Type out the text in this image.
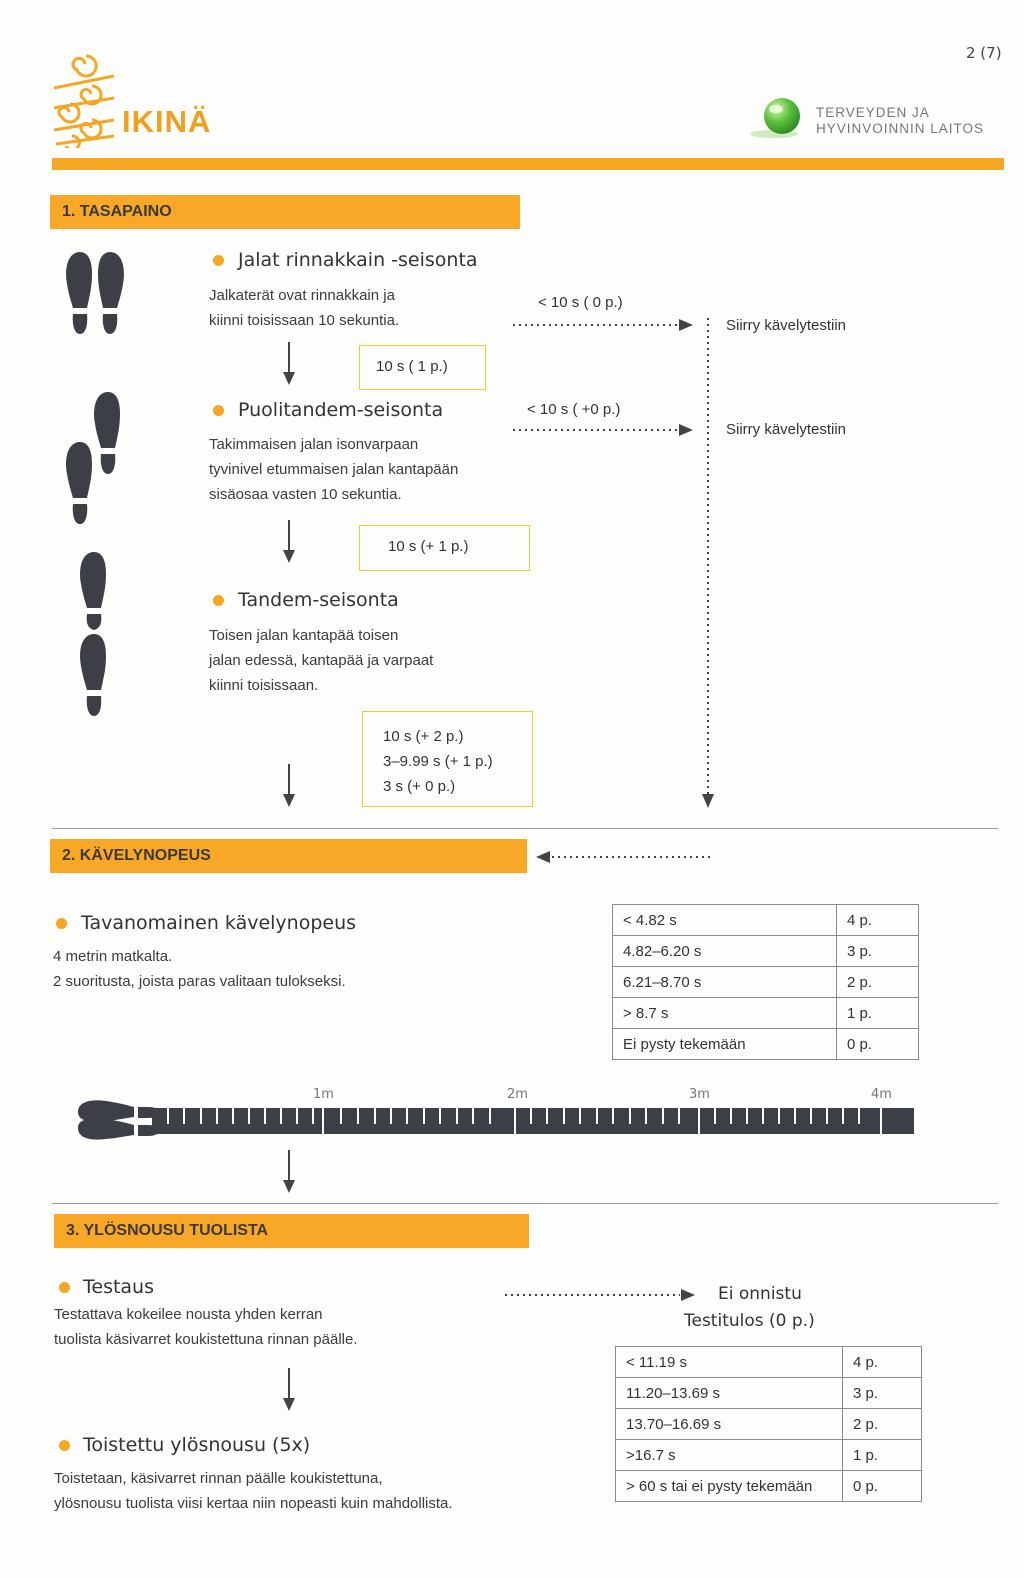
2 (7)
IKINÄ	TERVEYDEN JA
HYVINVOINNIN LAITOS
1. TASAPAINO
Jalat rinnakkain -seisonta
Jalkaterät ovat rinnakkain ja
kiinni toisissaan 10 sekuntia.
< 10 s ( 0 p.)
Siirry kävelytestiin
10 s ( 1 p.)
Puolitandem-seisonta
Takimmaisen jalan isonvarpaan
tyvinivel etummaisen jalan kantapään
sisäosaa vasten 10 sekuntia.
< 10 s ( +0 p.)
Siirry kävelytestiin
10 s (+ 1 p.)
Tandem-seisonta
Toisen jalan kantapää toisen
jalan edessä, kantapää ja varpaat
kiinni toisissaan.
10 s (+ 2 p.)
3–9.99 s (+ 1 p.)
3 s (+ 0 p.)
2. KÄVELYNOPEUS
Tavanomainen kävelynopeus
4 metrin matkalta.
2 suoritusta, joista paras valitaan tulokseksi.
< 4.82 s	4 p.
4.82–6.20 s	3 p.
6.21–8.70 s	2 p.
> 8.7 s	1 p.
Ei pysty tekemään	0 p.
1m	2m	3m	4m
3. YLÖSNOUSU TUOLISTA
Testaus
Testattava kokeilee nousta yhden kerran
tuolista käsivarret koukistettuna rinnan päälle.
Ei onnistu
Testitulos (0 p.)
Toistettu ylösnousu (5x)
Toistetaan, käsivarret rinnan päälle koukistettuna,
ylösnousu tuolista viisi kertaa niin nopeasti kuin mahdollista.
< 11.19 s	4 p.
11.20–13.69 s	3 p.
13.70–16.69 s	2 p.
>16.7 s	1 p.
> 60 s tai ei pysty tekemään	0 p.
